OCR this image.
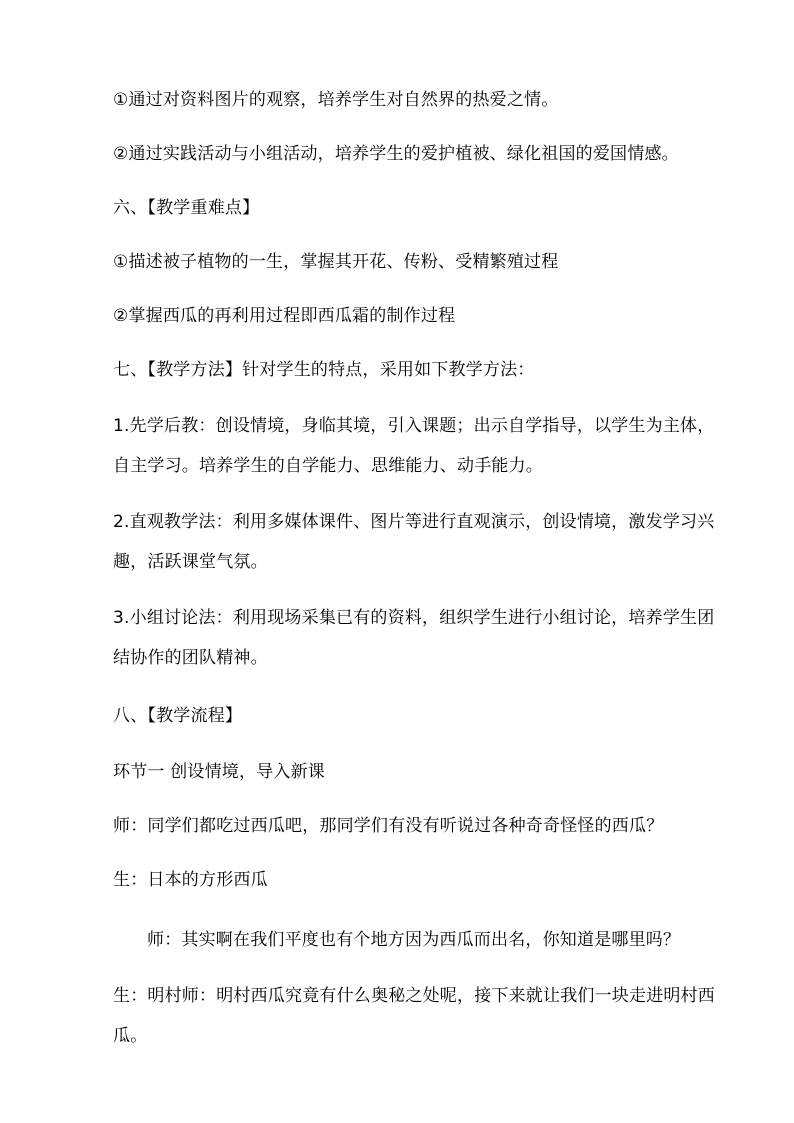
①通过对资料图片的观察，培养学生对自然界的热爱之情。
②通过实践活动与小组活动，培养学生的爱护植被、绿化祖国的爱国情感。
六、【教学重难点】
①描述被子植物的一生，掌握其开花、传粉、受精繁殖过程
②掌握西瓜的再利用过程即西瓜霜的制作过程
七、【教学方法】针对学生的特点，采用如下教学方法：
1.先学后教：创设情境，身临其境，引入课题；出示自学指导，以学生为主体，自主学习。培养学生的自学能力、思维能力、动手能力。
2.直观教学法：利用多媒体课件、图片等进行直观演示，创设情境，激发学习兴趣，活跃课堂气氛。
3.小组讨论法：利用现场采集已有的资料，组织学生进行小组讨论，培养学生团结协作的团队精神。
八、【教学流程】
环节一 创设情境，导入新课
师：同学们都吃过西瓜吧，那同学们有没有听说过各种奇奇怪怪的西瓜？
生：日本的方形西瓜
师：其实啊在我们平度也有个地方因为西瓜而出名，你知道是哪里吗？
生：明村师：明村西瓜究竟有什么奥秘之处呢，接下来就让我们一块走进明村西瓜。
